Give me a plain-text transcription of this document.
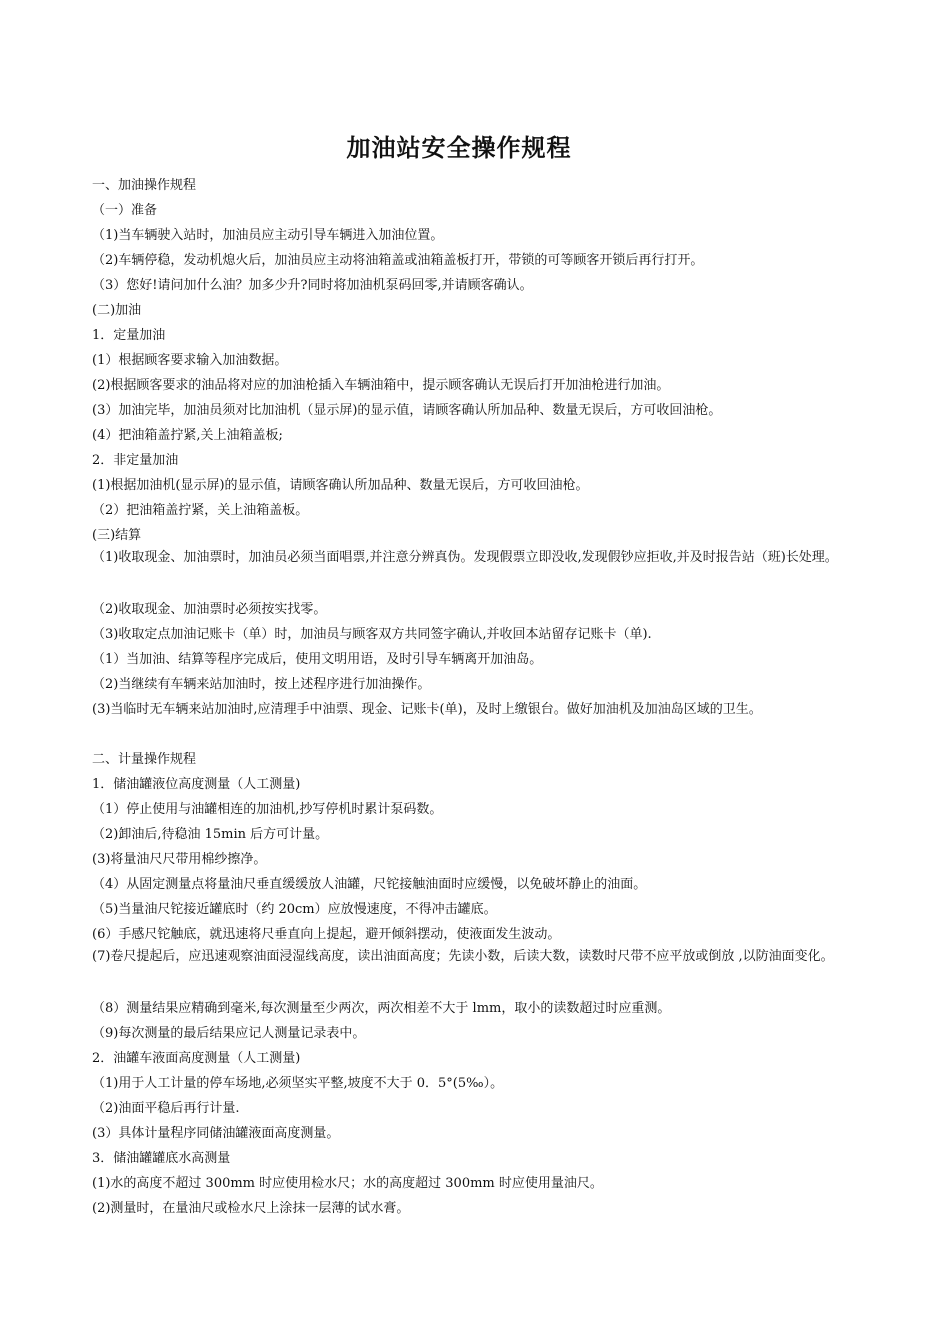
加油站安全操作规程
一、加油操作规程
（一）准备
（1)当车辆驶入站时，加油员应主动引导车辆进入加油位置。
（2)车辆停稳，发动机熄火后，加油员应主动将油箱盖或油箱盖板打开，带锁的可等顾客开锁后再行打开。
（3）您好!请问加什么油？加多少升?同时将加油机泵码回零,并请顾客确认。
(二)加油
1．定量加油
(1）根据顾客要求输入加油数据。
(2)根据顾客要求的油品将对应的加油枪插入车辆油箱中，提示顾客确认无误后打开加油枪进行加油。
(3）加油完毕，加油员须对比加油机（显示屏)的显示值，请顾客确认所加品种、数量无误后，方可收回油枪。
(4）把油箱盖拧紧,关上油箱盖板;
2．非定量加油
(1)根据加油机(显示屏)的显示值，请顾客确认所加品种、数量无误后，方可收回油枪。
（2）把油箱盖拧紧，关上油箱盖板。
(三)结算
（1)收取现金、加油票时，加油员必须当面唱票,并注意分辨真伪。发现假票立即没收,发现假钞应拒收,并及时报告站（班)长处理。
（2)收取现金、加油票时必须按实找零。
（3)收取定点加油记账卡（单）时，加油员与顾客双方共同签字确认,并收回本站留存记账卡（单).
（1）当加油、结算等程序完成后，使用文明用语，及时引导车辆离开加油岛。
（2)当继续有车辆来站加油时，按上述程序进行加油操作。
(3)当临时无车辆来站加油时,应清理手中油票、现金、记账卡(单)，及时上缴银台。做好加油机及加油岛区域的卫生。
二、计量操作规程
1．储油罐液位高度测量（人工测量)
（1）停止使用与油罐相连的加油机,抄写停机时累计泵码数。
（2)卸油后,待稳油 15min 后方可计量。
(3)将量油尺尺带用棉纱擦净。
（4）从固定测量点将量油尺垂直缓缓放人油罐，尺铊接触油面时应缓慢，以免破坏静止的油面。
（5)当量油尺铊接近罐底时（约 20cm）应放慢速度，不得冲击罐底。
(6）手感尺铊触底，就迅速将尺垂直向上提起，避开倾斜摆动，使液面发生波动。
(7)卷尺提起后，应迅速观察油面浸湿线高度，读出油面高度；先读小数，后读大数，读数时尺带不应平放或倒放 ,以防油面变化。
（8）测量结果应精确到毫米,每次测量至少两次，两次相差不大于 lmm，取小的读数超过时应重测。
（9)每次测量的最后结果应记人测量记录表中。
2．油罐车液面高度测量（人工测量)
（1)用于人工计量的停车场地,必须坚实平整,坡度不大于 0．5°(5‰）。
（2)油面平稳后再行计量.
(3）具体计量程序同储油罐液面高度测量。
3．储油罐罐底水高测量
(1)水的高度不超过 300mm 时应使用检水尺；水的高度超过 300mm 时应使用量油尺。
(2)测量时，在量油尺或检水尺上涂抹一层薄的试水膏。
